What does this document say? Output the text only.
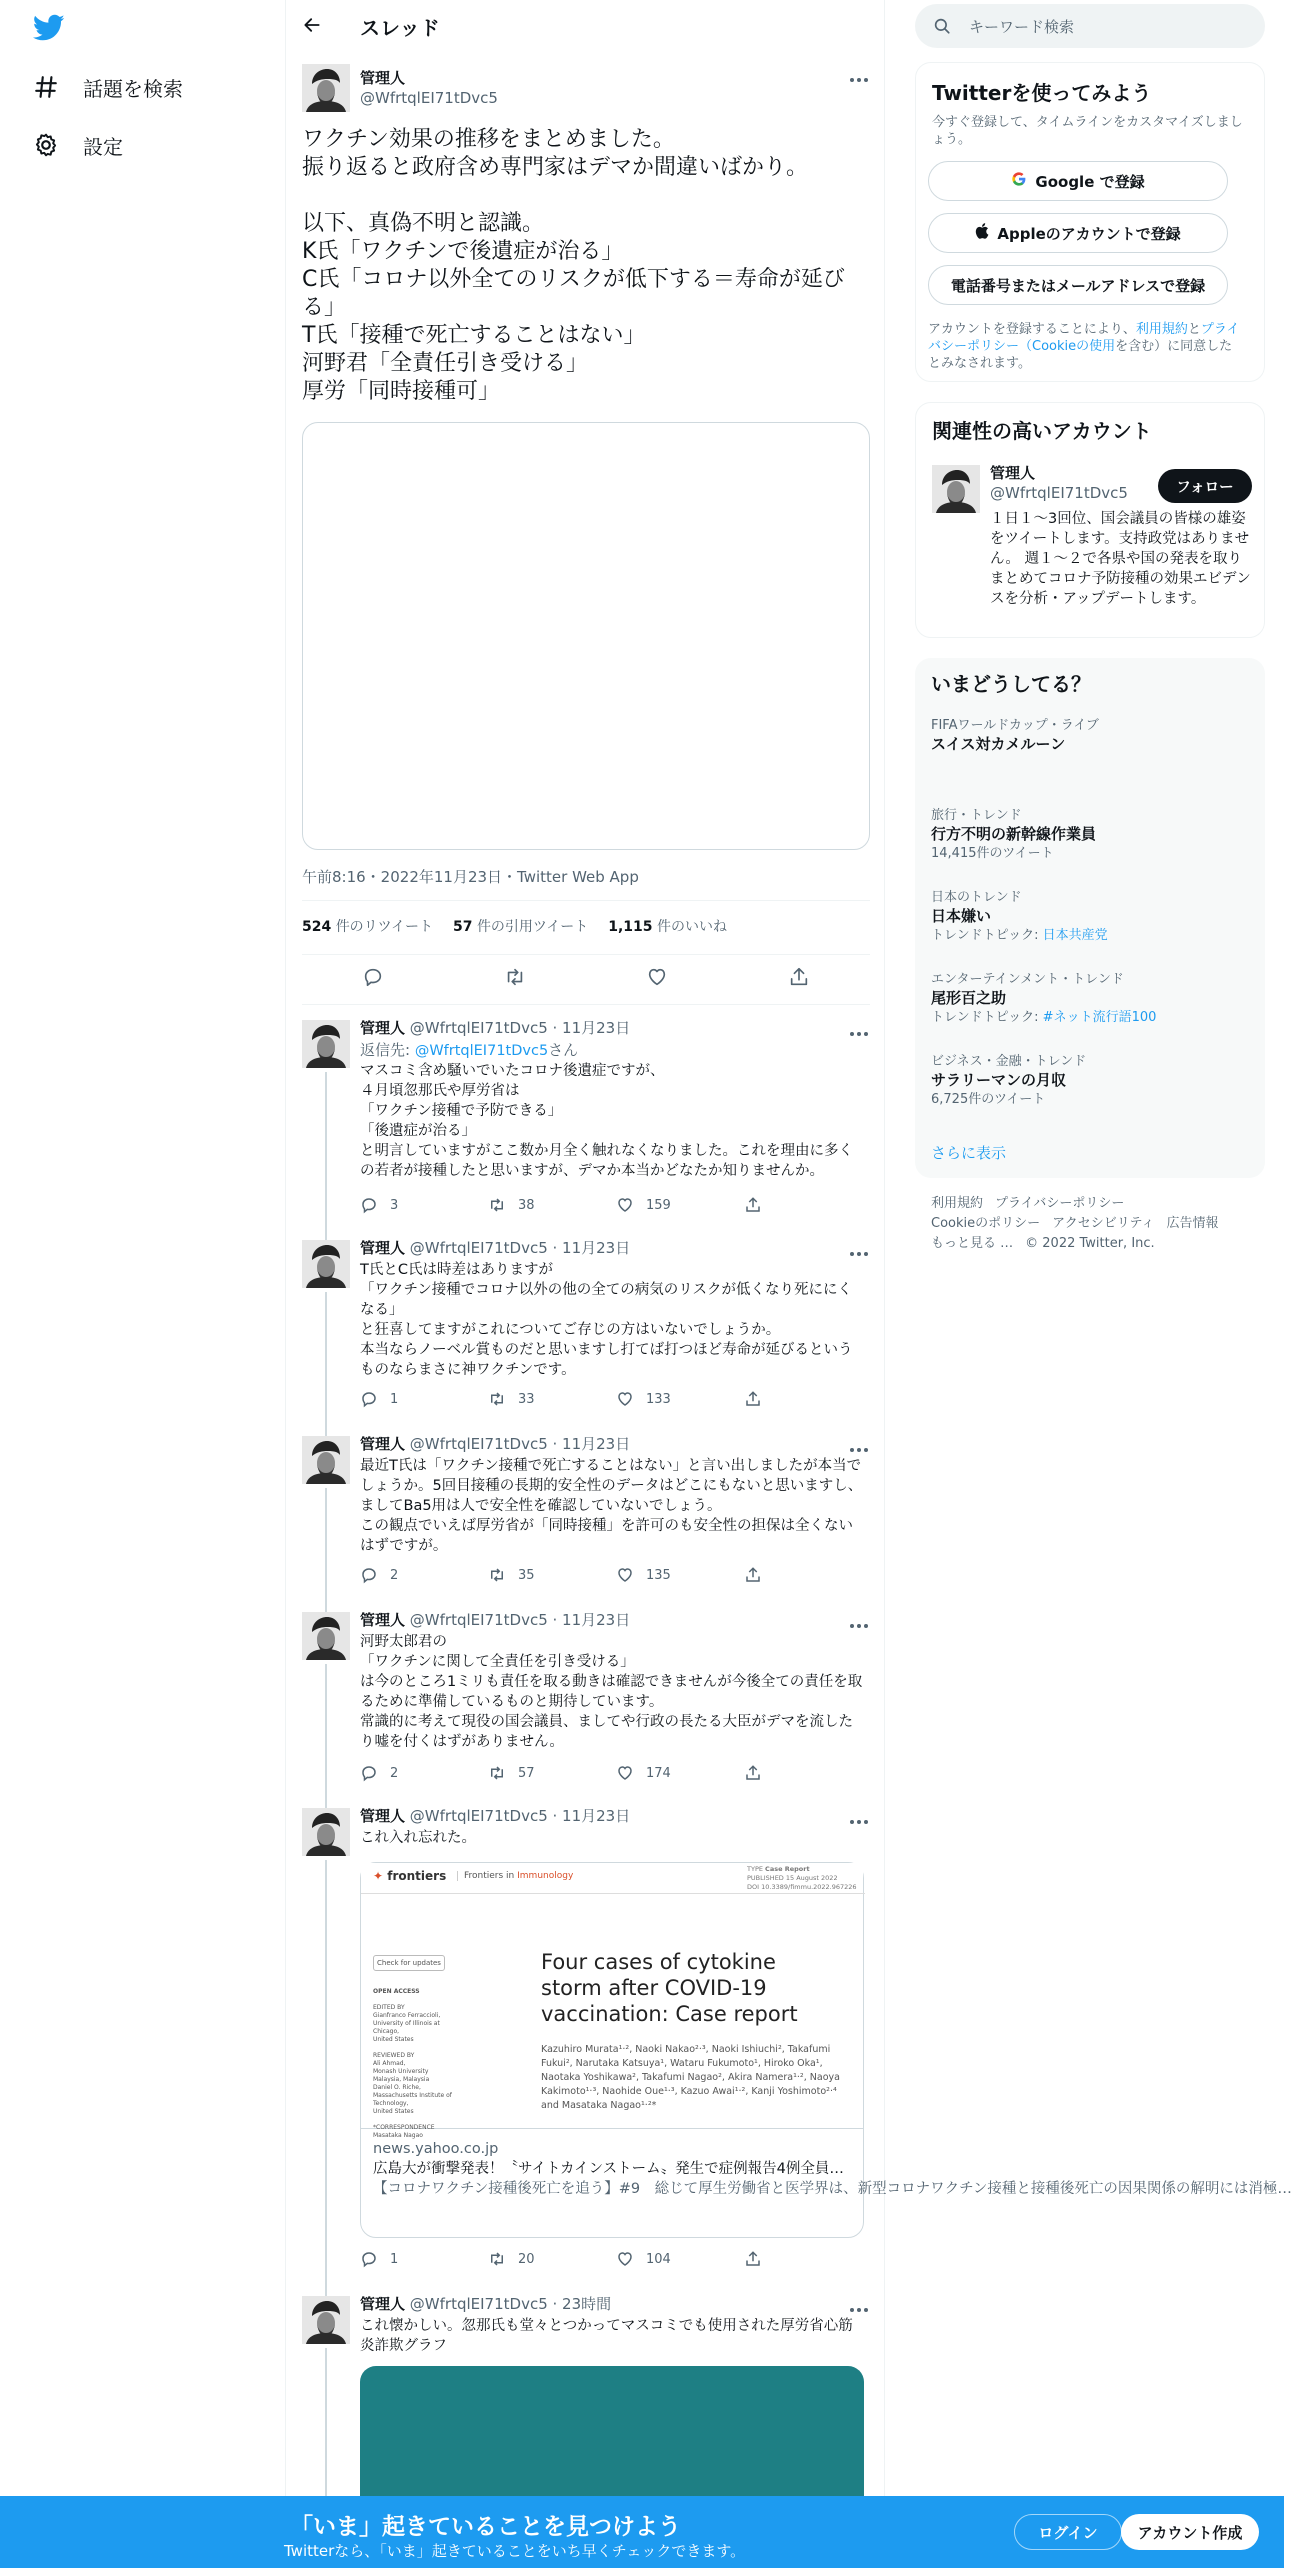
話題を検索
設定
スレッド
管理人
@WfrtqlEI71tDvc5
ワクチン効果の推移をまとめました。
振り返ると政府含め専門家はデマか間違いばかり。

以下、真偽不明と認識。
K氏「ワクチンで後遺症が治る」
C氏「コロナ以外全てのリスクが低下する＝寿命が延びる」
T氏「接種で死亡することはない」
河野君「全責任引き受ける」
厚労「同時接種可」
午前8:16・2022年11月23日・Twitter Web App
524 件のリツイート 57 件の引用ツイート 1,115 件のいいね
管理人 @WfrtqlEI71tDvc5 · 11月23日
返信先: @WfrtqlEI71tDvc5さん
マスコミ含め騒いでいたコロナ後遺症ですが、
４月頃忽那氏や厚労省は
「ワクチン接種で予防できる」
「後遺症が治る」
と明言していますがここ数か月全く触れなくなりました。これを理由に多くの若者が接種したと思いますが、デマか本当かどなたか知りませんか。
3	38	159
管理人 @WfrtqlEI71tDvc5 · 11月23日
T氏とC氏は時差はありますが
「ワクチン接種でコロナ以外の他の全ての病気のリスクが低くなり死ににくなる」
と狂喜してますがこれについてご存じの方はいないでしょうか。
本当ならノーベル賞ものだと思いますし打てば打つほど寿命が延びるというものならまさに神ワクチンです。
1	33	133
管理人 @WfrtqlEI71tDvc5 · 11月23日
最近T氏は「ワクチン接種で死亡することはない」と言い出しましたが本当でしょうか。5回目接種の長期的安全性のデータはどこにもないと思いますし、ましてBa5用は人で安全性を確認していないでしょう。
この観点でいえば厚労省が「同時接種」を許可のも安全性の担保は全くないはずですが。
2	35	135
管理人 @WfrtqlEI71tDvc5 · 11月23日
河野太郎君の
「ワクチンに関して全責任を引き受ける」
は今のところ1ミリも責任を取る動きは確認できませんが今後全ての責任を取るために準備しているものと期待しています。
常識的に考えて現役の国会議員、ましてや行政の長たる大臣がデマを流したり嘘を付くはずがありません。
2	57	174
管理人 @WfrtqlEI71tDvc5 · 11月23日
これ入れ忘れた。
✦ frontiers	Frontiers in Immunology
TYPE Case Report
PUBLISHED 15 August 2022
DOI 10.3389/fimmu.2022.967226
Check for updates
OPEN ACCESS

EDITED BY
Gianfranco Ferraccioli,
University of Illinois at Chicago,
United States

REVIEWED BY
Ali Ahmad,
Monash University Malaysia, Malaysia
Daniel O. Riche,
Massachusetts Institute of Technology,
United States

*CORRESPONDENCE
Masataka Nagao
Four cases of cytokine storm after COVID-19 vaccination: Case report
Kazuhiro Murata¹·², Naoki Nakao²·³, Naoki Ishiuchi², Takafumi Fukui², Narutaka Katsuya¹, Wataru Fukumoto¹, Hiroko Oka¹, Naotaka Yoshikawa², Takafumi Nagao², Akira Namera¹·², Naoya Kakimoto¹·³, Naohide Oue¹·³, Kazuo Awai¹·², Kanji Yoshimoto²·⁴ and Masataka Nagao¹·²*
news.yahoo.co.jp
広島大が衝撃発表！〝サイトカインストーム〟発生で症例報告4例全員…
【コロナワクチン接種後死亡を追う】#9　総じて厚生労働省と医学界は、新型コロナワクチン接種と接種後死亡の因果関係の解明には消極…
1	20	104
管理人 @WfrtqlEI71tDvc5 · 23時間
これ懐かしい。忽那氏も堂々とつかってマスコミでも使用された厚労省心筋炎詐欺グラフ
キーワード検索
Twitterを使ってみよう
今すぐ登録して、タイムラインをカスタマイズしましょう。
Google で登録
Appleのアカウントで登録
電話番号またはメールアドレスで登録
アカウントを登録することにより、利用規約とプライバシーポリシー（Cookieの使用を含む）に同意したとみなされます。
関連性の高いアカウント
管理人
@WfrtqlEI71tDvc5
１日１～3回位、国会議員の皆様の雄姿をツイートします。支持政党はありません。 週１～２で各県や国の発表を取りまとめてコロナ予防接種の効果エビデンスを分析・アップデートします。
フォロー
いまどうしてる？
FIFAワールドカップ・ライブ
スイス対カメルーン
旅行・トレンド
行方不明の新幹線作業員
14,415件のツイート
日本のトレンド
日本嫌い
トレンドトピック: 日本共産党
エンターテインメント・トレンド
尾形百之助
トレンドトピック: #ネット流行語100
ビジネス・金融・トレンド
サラリーマンの月収
6,725件のツイート
さらに表示
利用規約 プライバシーポリシー
Cookieのポリシー アクセシビリティ 広告情報
もっと見る … © 2022 Twitter, Inc.
「いま」起きていることを見つけよう
Twitterなら、「いま」起きていることをいち早くチェックできます。
ログイン	アカウント作成
